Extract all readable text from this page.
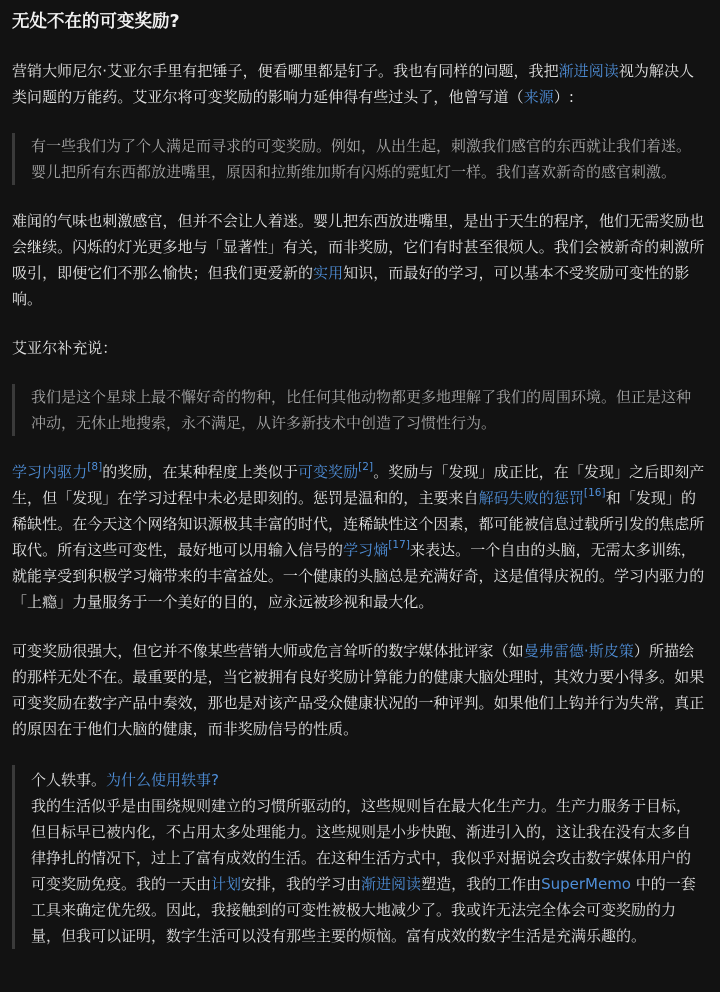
无处不在的可变奖励?

营销大师尼尔·艾亚尔手里有把锤子，便看哪里都是钉子。我也有同样的问题，我把渐进阅读视为解决人类问题的万能药。艾亚尔将可变奖励的影响力延伸得有些过头了，他曾写道（来源）:

有一些我们为了个人满足而寻求的可变奖励。例如，从出生起，刺激我们感官的东西就让我们着迷。婴儿把所有东西都放进嘴里，原因和拉斯维加斯有闪烁的霓虹灯一样。我们喜欢新奇的感官刺激。

难闻的气味也刺激感官，但并不会让人着迷。婴儿把东西放进嘴里，是出于天生的程序，他们无需奖励也会继续。闪烁的灯光更多地与「显著性」有关，而非奖励，它们有时甚至很烦人。我们会被新奇的刺激所吸引，即便它们不那么愉快；但我们更爱新的实用知识，而最好的学习，可以基本不受奖励可变性的影响。

艾亚尔补充说：

我们是这个星球上最不懈好奇的物种，比任何其他动物都更多地理解了我们的周围环境。但正是这种冲动，无休止地搜索，永不满足，从许多新技术中创造了习惯性行为。

学习内驱力[8]的奖励，在某种程度上类似于可变奖励[2]。奖励与「发现」成正比，在「发现」之后即刻产生，但「发现」在学习过程中未必是即刻的。惩罚是温和的，主要来自解码失败的惩罚[16]和「发现」的稀缺性。在今天这个网络知识源极其丰富的时代，连稀缺性这个因素，都可能被信息过载所引发的焦虑所取代。所有这些可变性，最好地可以用输入信号的学习熵[17]来表达。一个自由的头脑，无需太多训练，就能享受到积极学习熵带来的丰富益处。一个健康的头脑总是充满好奇，这是值得庆祝的。学习内驱力的「上瘾」力量服务于一个美好的目的，应永远被珍视和最大化。

可变奖励很强大，但它并不像某些营销大师或危言耸听的数字媒体批评家（如曼弗雷德·斯皮策）所描绘的那样无处不在。最重要的是，当它被拥有良好奖励计算能力的健康大脑处理时，其效力要小得多。如果可变奖励在数字产品中奏效，那也是对该产品受众健康状况的一种评判。如果他们上钩并行为失常，真正的原因在于他们大脑的健康，而非奖励信号的性质。

个人轶事。为什么使用轶事?

我的生活似乎是由围绕规则建立的习惯所驱动的，这些规则旨在最大化生产力。生产力服务于目标，但目标早已被内化，不占用太多处理能力。这些规则是小步快跑、渐进引入的，这让我在没有太多自律挣扎的情况下，过上了富有成效的生活。在这种生活方式中，我似乎对据说会攻击数字媒体用户的可变奖励免疫。我的一天由计划安排，我的学习由渐进阅读塑造，我的工作由SuperMemo 中的一套工具来确定优先级。因此，我接触到的可变性被极大地减少了。我或许无法完全体会可变奖励的力量，但我可以证明，数字生活可以没有那些主要的烦恼。富有成效的数字生活是充满乐趣的。
